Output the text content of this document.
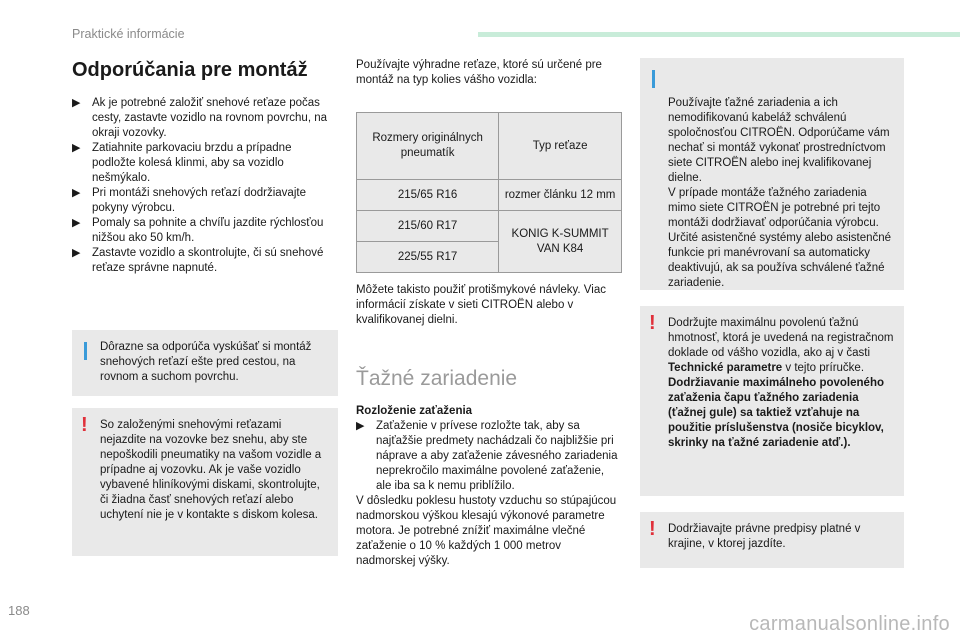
Praktické informácie
Odporúčania pre montáž
▶	Ak je potrebné založiť snehové reťaze počas cesty, zastavte vozidlo na rovnom povrchu, na okraji vozovky.
▶	Zatiahnite parkovaciu brzdu a prípadne podložte kolesá klinmi, aby sa vozidlo nešmýkalo.
▶	Pri montáži snehových reťazí dodržiavajte pokyny výrobcu.
▶	Pomaly sa pohnite a chvíľu jazdite rýchlosťou nižšou ako 50 km/h.
▶	Zastavte vozidlo a skontrolujte, či sú snehové reťaze správne napnuté.

Dôrazne sa odporúča vyskúšať si montáž snehových reťazí ešte pred cestou, na rovnom a suchom povrchu.

! So založenými snehovými reťazami nejazdite na vozovke bez snehu, aby ste nepoškodili pneumatiky na vašom vozidle a prípadne aj vozovku. Ak je vaše vozidlo vybavené hliníkovými diskami, skontrolujte, či žiadna časť snehových reťazí alebo uchytení nie je v kontakte s diskom kolesa.

Používajte výhradne reťaze, ktoré sú určené pre montáž na typ kolies vášho vozidla:

Rozmery originálnych pneumatík	Typ reťaze
215/65 R16	rozmer článku 12 mm
215/60 R17	KONIG K-SUMMIT VAN K84
225/55 R17	

Môžete takisto použiť protišmykové návleky. Viac informácií získate v sieti CITROËN alebo v kvalifikovanej dielni.

Ťažné zariadenie

Rozloženie zaťaženia

▶	Zaťaženie v prívese rozložte tak, aby sa najťažšie predmety nachádzali čo najbližšie pri náprave a aby zaťaženie závesného zariadenia neprekročilo maximálne povolené zaťaženie, ale iba sa k nemu priblížilo.

V dôsledku poklesu hustoty vzduchu so stúpajúcou nadmorskou výškou klesajú výkonové parametre motora. Je potrebné znížiť maximálne vlečné zaťaženie o 10 % každých 1 000 metrov nadmorskej výšky.

Používajte ťažné zariadenia a ich nemodifikovanú kabeláž schválenú spoločnosťou CITROËN. Odporúčame vám nechať si montáž vykonať prostredníctvom siete CITROËN alebo inej kvalifikovanej dielne.
V prípade montáže ťažného zariadenia mimo siete CITROËN je potrebné pri tejto montáži dodržiavať odporúčania výrobcu.
Určité asistenčné systémy alebo asistenčné funkcie pri manévrovaní sa automaticky deaktivujú, ak sa používa schválené ťažné zariadenie.

! Dodržujte maximálnu povolenú ťažnú hmotnosť, ktorá je uvedená na registračnom doklade od vášho vozidla, ako aj v časti Technické parametre v tejto príručke.

Dodržiavanie maximálneho povoleného zaťaženia čapu ťažného zariadenia (ťažnej gule) sa taktiež vzťahuje na použitie príslušenstva (nosiče bicyklov, skrinky na ťažné zariadenie atď.).

! Dodržiavajte právne predpisy platné v krajine, v ktorej jazdíte.

188
carmanualsonline.info
